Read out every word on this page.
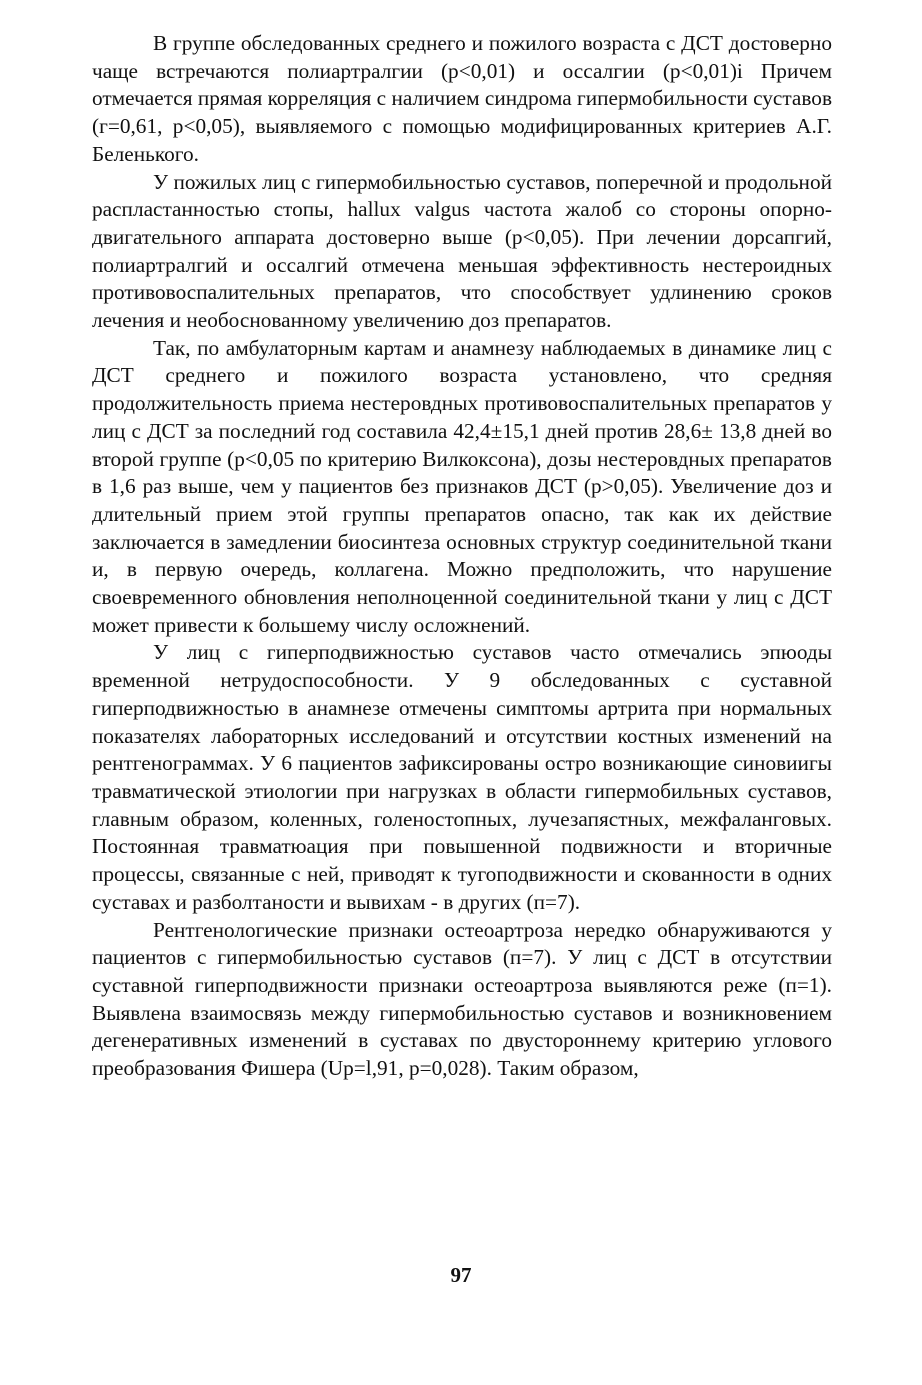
В группе обследованных среднего и пожилого возраста с ДСТ достоверно чаще встречаются полиартралгии (р<0,01) и оссалгии (р<0,01)i Причем отмечается прямая корреляция с наличием синдрома гипермобильности суставов (г=0,61, р<0,05), выявляемого с помощью модифицированных критериев А.Г. Беленького.

У пожилых лиц с гипермобильностью суставов, поперечной и продольной распластанностью стопы, hallux valgus частота жалоб со стороны опорно-двигательного аппарата достоверно выше (р<0,05). При лечении дорсапгий, полиартралгий и оссалгий отмечена меньшая эффективность нестероидных противовоспалительных препаратов, что способствует удлинению сроков лечения и необоснованному увеличению доз препаратов.

Так, по амбулаторным картам и анамнезу наблюдаемых в динамике лиц с ДСТ среднего и пожилого возраста установлено, что средняя продолжительность приема нестеровдных противовоспалительных препаратов у лиц с ДСТ за последний год составила 42,4±15,1 дней против 28,6± 13,8 дней во второй группе (р<0,05 по критерию Вилкоксона), дозы нестеровдных препаратов в 1,6 раз выше, чем у пациентов без признаков ДСТ (р>0,05). Увеличение доз и длительный прием этой группы препаратов опасно, так как их действие заключается в замедлении биосинтеза основных структур соединительной ткани и, в первую очередь, коллагена. Можно предположить, что нарушение своевременного обновления неполноценной соединительной ткани у лиц с ДСТ может привести к большему числу осложнений.

У лиц с гиперподвижностью суставов часто отмечались эпюоды временной нетрудоспособности. У 9 обследованных с суставной гиперподвижностью в анамнезе отмечены симптомы артрита при нормальных показателях лабораторных исследований и отсутствии костных изменений на рентгенограммах. У 6 пациентов зафиксированы остро возникающие синовиигы травматической этиологии при нагрузках в области гипермобильных суставов, главным образом, коленных, голеностопных, лучезапястных, межфаланговых. Постоянная травматюация при повышенной подвижности и вторичные процессы, связанные с ней, приводят к тугоподвижности и скованности в одних суставах и разболтаности и вывихам - в других (п=7).

Рентгенологические признаки остеоартроза нередко обнаруживаются у пациентов с гипермобильностью суставов (п=7). У лиц с ДСТ в отсутствии суставной гиперподвижности признаки остеоартроза выявляются реже (п=1). Выявлена взаимосвязь между гипермобильностью суставов и возникновением дегенеративных изменений в суставах по двустороннему критерию углового преобразования Фишера (Uр=l,91, р=0,028). Таким образом,

97
